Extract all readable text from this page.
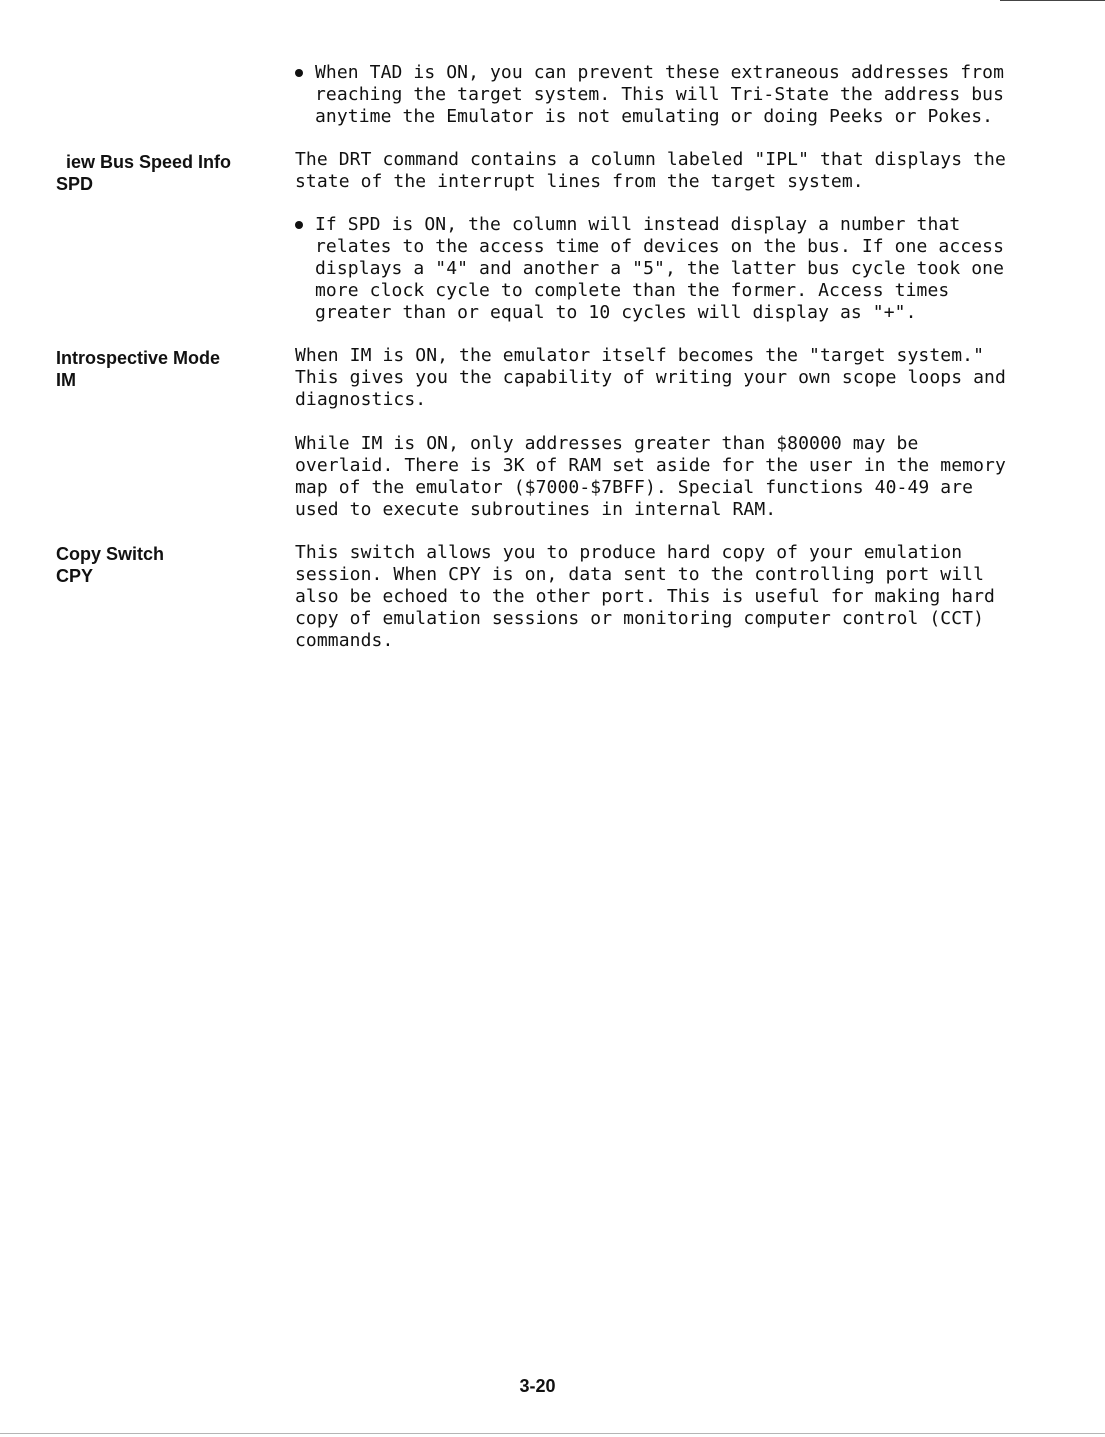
When TAD is ON, you can prevent these extraneous addresses from reaching the target system. This will Tri-State the address bus anytime the Emulator is not emulating or doing Peeks or Pokes.
iew Bus Speed Info
SPD
The DRT command contains a column labeled "IPL" that displays the state of the interrupt lines from the target system.
If SPD is ON, the column will instead display a number that relates to the access time of devices on the bus. If one access displays a "4" and another a "5", the latter bus cycle took one more clock cycle to complete than the former. Access times greater than or equal to 10 cycles will display as "+".
Introspective Mode
IM
When IM is ON, the emulator itself becomes the "target system." This gives you the capability of writing your own scope loops and diagnostics.
While IM is ON, only addresses greater than $80000 may be overlaid. There is 3K of RAM set aside for the user in the memory map of the emulator ($7000-$7BFF). Special functions 40-49 are used to execute subroutines in internal RAM.
Copy Switch
CPY
This switch allows you to produce hard copy of your emulation session. When CPY is on, data sent to the controlling port will also be echoed to the other port. This is useful for making hard copy of emulation sessions or monitoring computer control (CCT) commands.
3-20
